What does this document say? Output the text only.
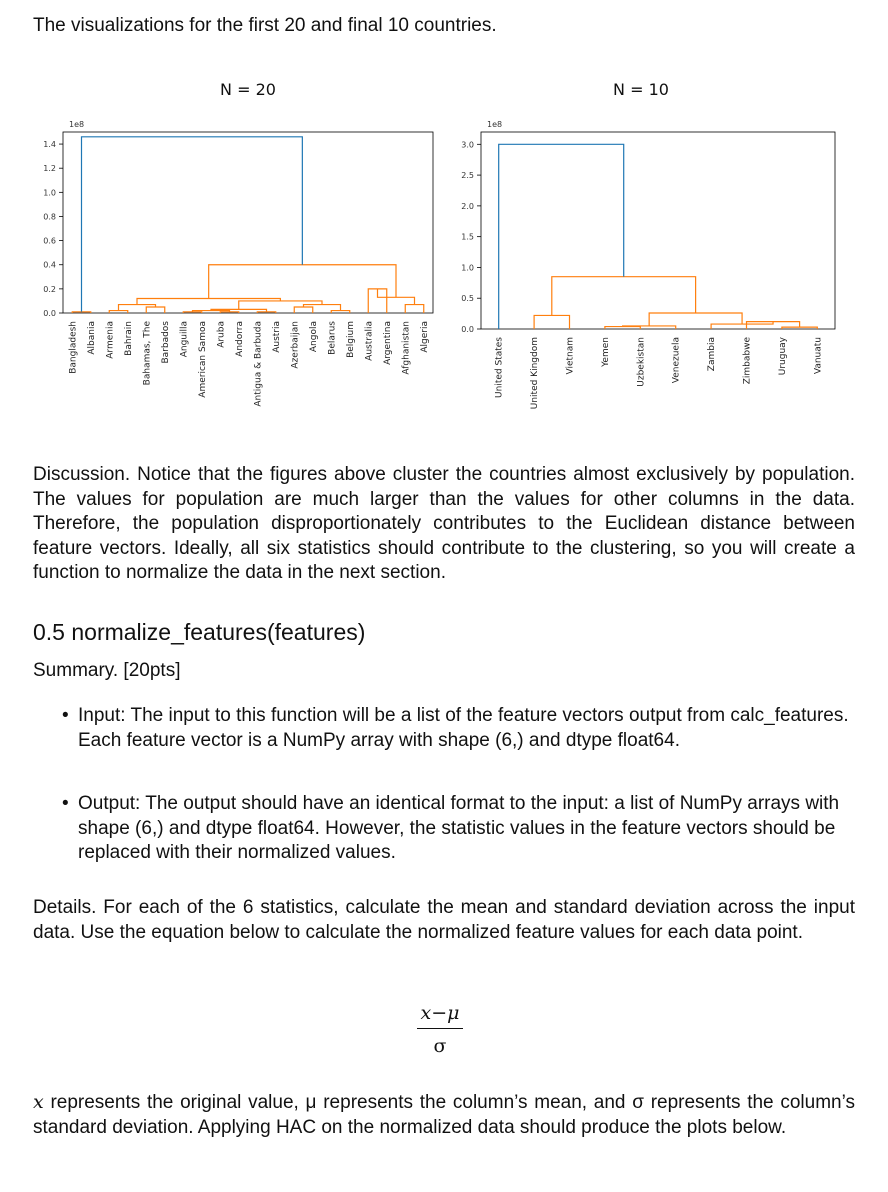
The visualizations for the first 20 and final 10 countries.
N = 20
1e8
0.0
0.2
0.4
0.6
0.8
1.0
1.2
1.4
Bangladesh Albania Armenia Bahrain Bahamas, The Barbados Anguilla American Samoa Aruba Andorra Antigua & Barbuda Austria Azerbaijan Angola Belarus Belgium Australia Argentina Afghanistan Algeria
N = 10
1e8
0.0
0.5
1.0
1.5
2.0
2.5
3.0
United States	United Kingdom	Vietnam	Yemen	Uzbekistan	Venezuela	Zambia	Zimbabwe	Uruguay	Vanuatu
Discussion. Notice that the figures above cluster the countries almost exclusively by population. The values for population are much larger than the values for other columns in the data. Therefore, the population disproportionately contributes to the Euclidean distance between feature vectors. Ideally, all six statistics should contribute to the clustering, so you will create a function to normalize the data in the next section.
0.5 normalize_features(features)
Summary. [20pts]
• Input: The input to this function will be a list of the feature vectors output from calc_features. Each feature vector is a NumPy array with shape (6,) and dtype float64.
• Output: The output should have an identical format to the input: a list of NumPy arrays with shape (6,) and dtype float64. However, the statistic values in the feature vectors should be replaced with their normalized values.
Details. For each of the 6 statistics, calculate the mean and standard deviation across the input data. Use the equation below to calculate the normalized feature values for each data point.
x−μ
σ
x represents the original value, μ represents the column’s mean, and σ represents the column’s standard deviation. Applying HAC on the normalized data should produce the plots below.
